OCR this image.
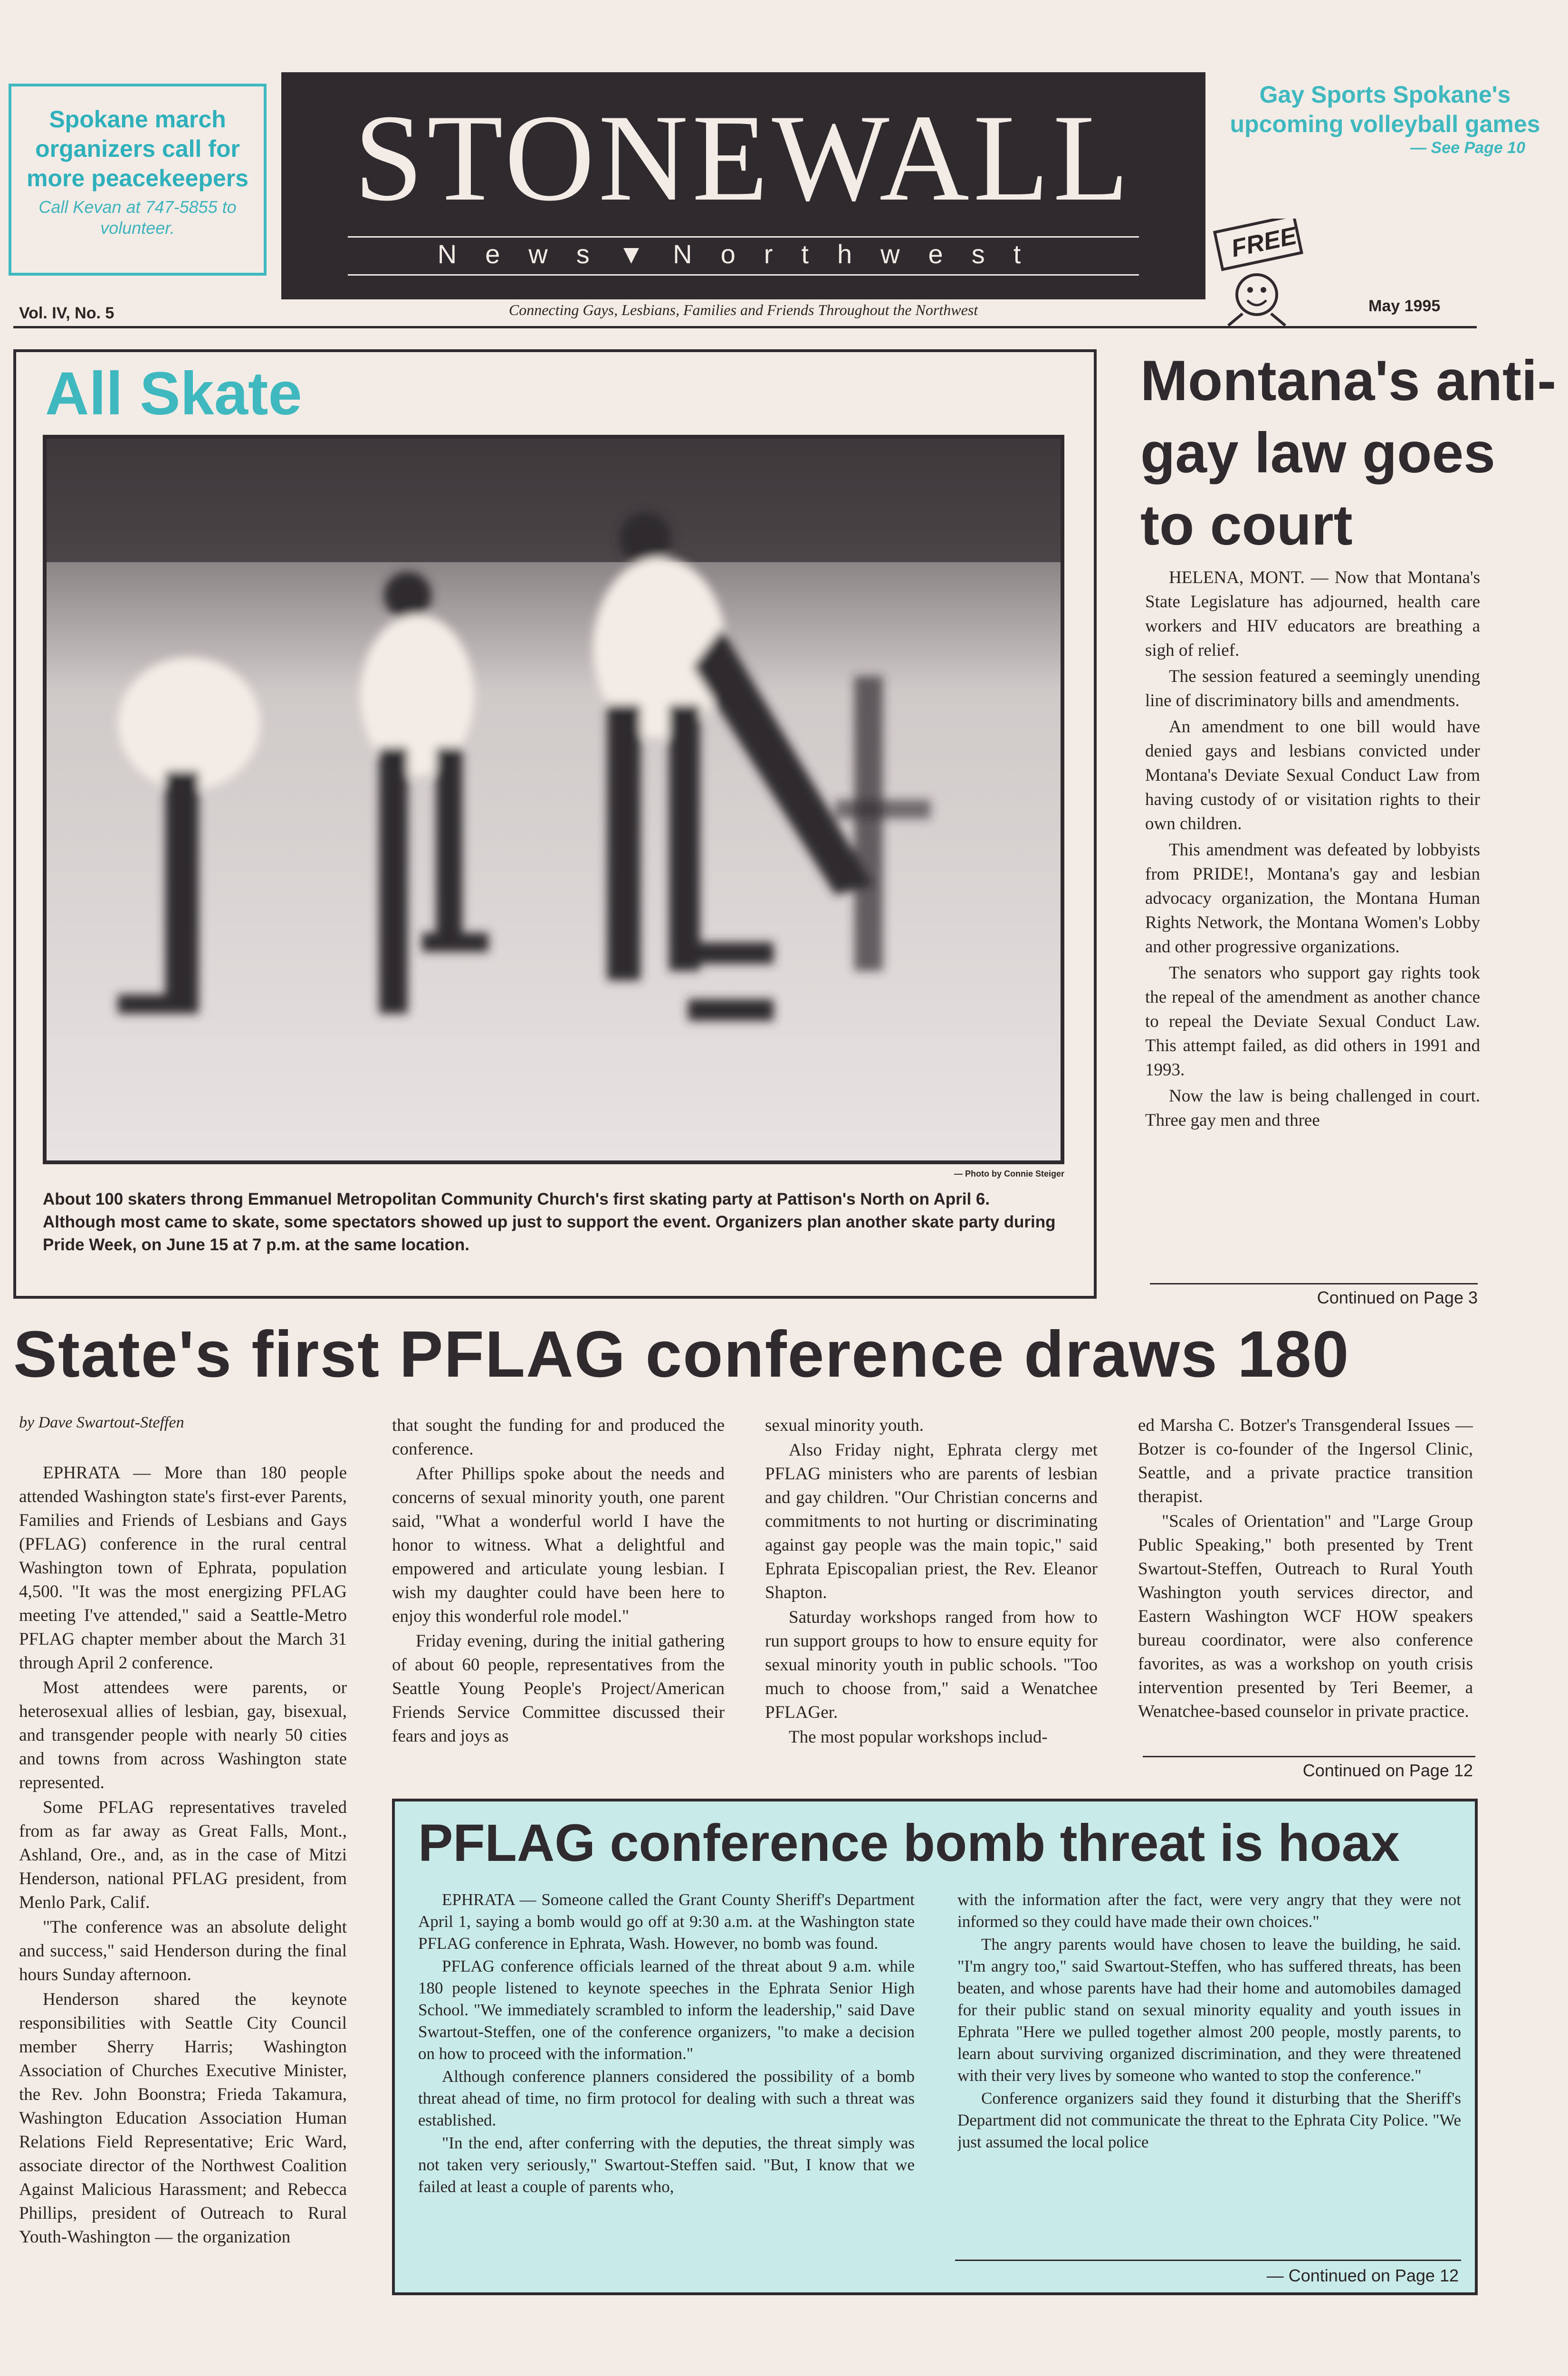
Spokane march organizers call for more peacekeepers
Call Kevan at 747-5855 to volunteer.
STONEWALL
News▼Northwest
Gay Sports Spokane's upcoming volleyball games
— See Page 10
FREE
Vol. IV, No. 5	Connecting Gays, Lesbians, Families and Friends Throughout the Northwest	May 1995
All Skate
— Photo by Connie Steiger
About 100 skaters throng Emmanuel Metropolitan Community Church's first skating party at Pattison's North on April 6. Although most came to skate, some spectators showed up just to support the event. Organizers plan another skate party during Pride Week, on June 15 at 7 p.m. at the same location.
Montana's anti-gay law goes to court

HELENA, MONT. — Now that Montana's State Legislature has adjourned, health care workers and HIV educators are breathing a sigh of relief.

The session featured a seemingly unending line of discriminatory bills and amendments.

An amendment to one bill would have denied gays and lesbians convicted under Montana's Deviate Sexual Conduct Law from having custody of or visitation rights to their own children.

This amendment was defeated by lobbyists from PRIDE!, Montana's gay and lesbian advocacy organization, the Montana Human Rights Network, the Montana Women's Lobby and other progressive organizations.

The senators who support gay rights took the repeal of the amendment as another chance to repeal the Deviate Sexual Conduct Law. This attempt failed, as did others in 1991 and 1993.

Now the law is being challenged in court. Three gay men and three

Continued on Page 3
State's first PFLAG conference draws 180
by Dave Swartout-Steffen

EPHRATA — More than 180 people attended Washington state's first-ever Parents, Families and Friends of Lesbians and Gays (PFLAG) conference in the rural central Washington town of Ephrata, population 4,500. "It was the most energizing PFLAG meeting I've attended," said a Seattle-Metro PFLAG chapter member about the March 31 through April 2 conference.

Most attendees were parents, or heterosexual allies of lesbian, gay, bisexual, and transgender people with nearly 50 cities and towns from across Washington state represented.

Some PFLAG representatives traveled from as far away as Great Falls, Mont., Ashland, Ore., and, as in the case of Mitzi Henderson, national PFLAG president, from Menlo Park, Calif.

"The conference was an absolute delight and success," said Henderson during the final hours Sunday afternoon.

Henderson shared the keynote responsibilities with Seattle City Council member Sherry Harris; Washington Association of Churches Executive Minister, the Rev. John Boonstra; Frieda Takamura, Washington Education Association Human Relations Field Representative; Eric Ward, associate director of the Northwest Coalition Against Malicious Harassment; and Rebecca Phillips, president of Outreach to Rural Youth-Washington — the organization

that sought the funding for and produced the conference.

After Phillips spoke about the needs and concerns of sexual minority youth, one parent said, "What a wonderful world I have the honor to witness. What a delightful and empowered and articulate young lesbian. I wish my daughter could have been here to enjoy this wonderful role model."

Friday evening, during the initial gathering of about 60 people, representatives from the Seattle Young People's Project/American Friends Service Committee discussed their fears and joys as

sexual minority youth.

Also Friday night, Ephrata clergy met PFLAG ministers who are parents of lesbian and gay children. "Our Christian concerns and commitments to not hurting or discriminating against gay people was the main topic," said Ephrata Episcopalian priest, the Rev. Eleanor Shapton.

Saturday workshops ranged from how to run support groups to how to ensure equity for sexual minority youth in public schools. "Too much to choose from," said a Wenatchee PFLAGer.

The most popular workshops includ-

ed Marsha C. Botzer's Transgenderal Issues — Botzer is co-founder of the Ingersol Clinic, Seattle, and a private practice transition therapist.

"Scales of Orientation" and "Large Group Public Speaking," both presented by Trent Swartout-Steffen, Outreach to Rural Youth Washington youth services director, and Eastern Washington WCF HOW speakers bureau coordinator, were also conference favorites, as was a workshop on youth crisis intervention presented by Teri Beemer, a Wenatchee-based counselor in private practice.

Continued on Page 12
PFLAG conference bomb threat is hoax

EPHRATA — Someone called the Grant County Sheriff's Department April 1, saying a bomb would go off at 9:30 a.m. at the Washington state PFLAG conference in Ephrata, Wash. However, no bomb was found.

PFLAG conference officials learned of the threat about 9 a.m. while 180 people listened to keynote speeches in the Ephrata Senior High School. "We immediately scrambled to inform the leadership," said Dave Swartout-Steffen, one of the conference organizers, "to make a decision on how to proceed with the information."

Although conference planners considered the possibility of a bomb threat ahead of time, no firm protocol for dealing with such a threat was established.

"In the end, after conferring with the deputies, the threat simply was not taken very seriously," Swartout-Steffen said. "But, I know that we failed at least a couple of parents who,

with the information after the fact, were very angry that they were not informed so they could have made their own choices."

The angry parents would have chosen to leave the building, he said. "I'm angry too," said Swartout-Steffen, who has suffered threats, has been beaten, and whose parents have had their home and automobiles damaged for their public stand on sexual minority equality and youth issues in Ephrata "Here we pulled together almost 200 people, mostly parents, to learn about surviving organized discrimination, and they were threatened with their very lives by someone who wanted to stop the conference."

Conference organizers said they found it disturbing that the Sheriff's Department did not communicate the threat to the Ephrata City Police. "We just assumed the local police

— Continued on Page 12
